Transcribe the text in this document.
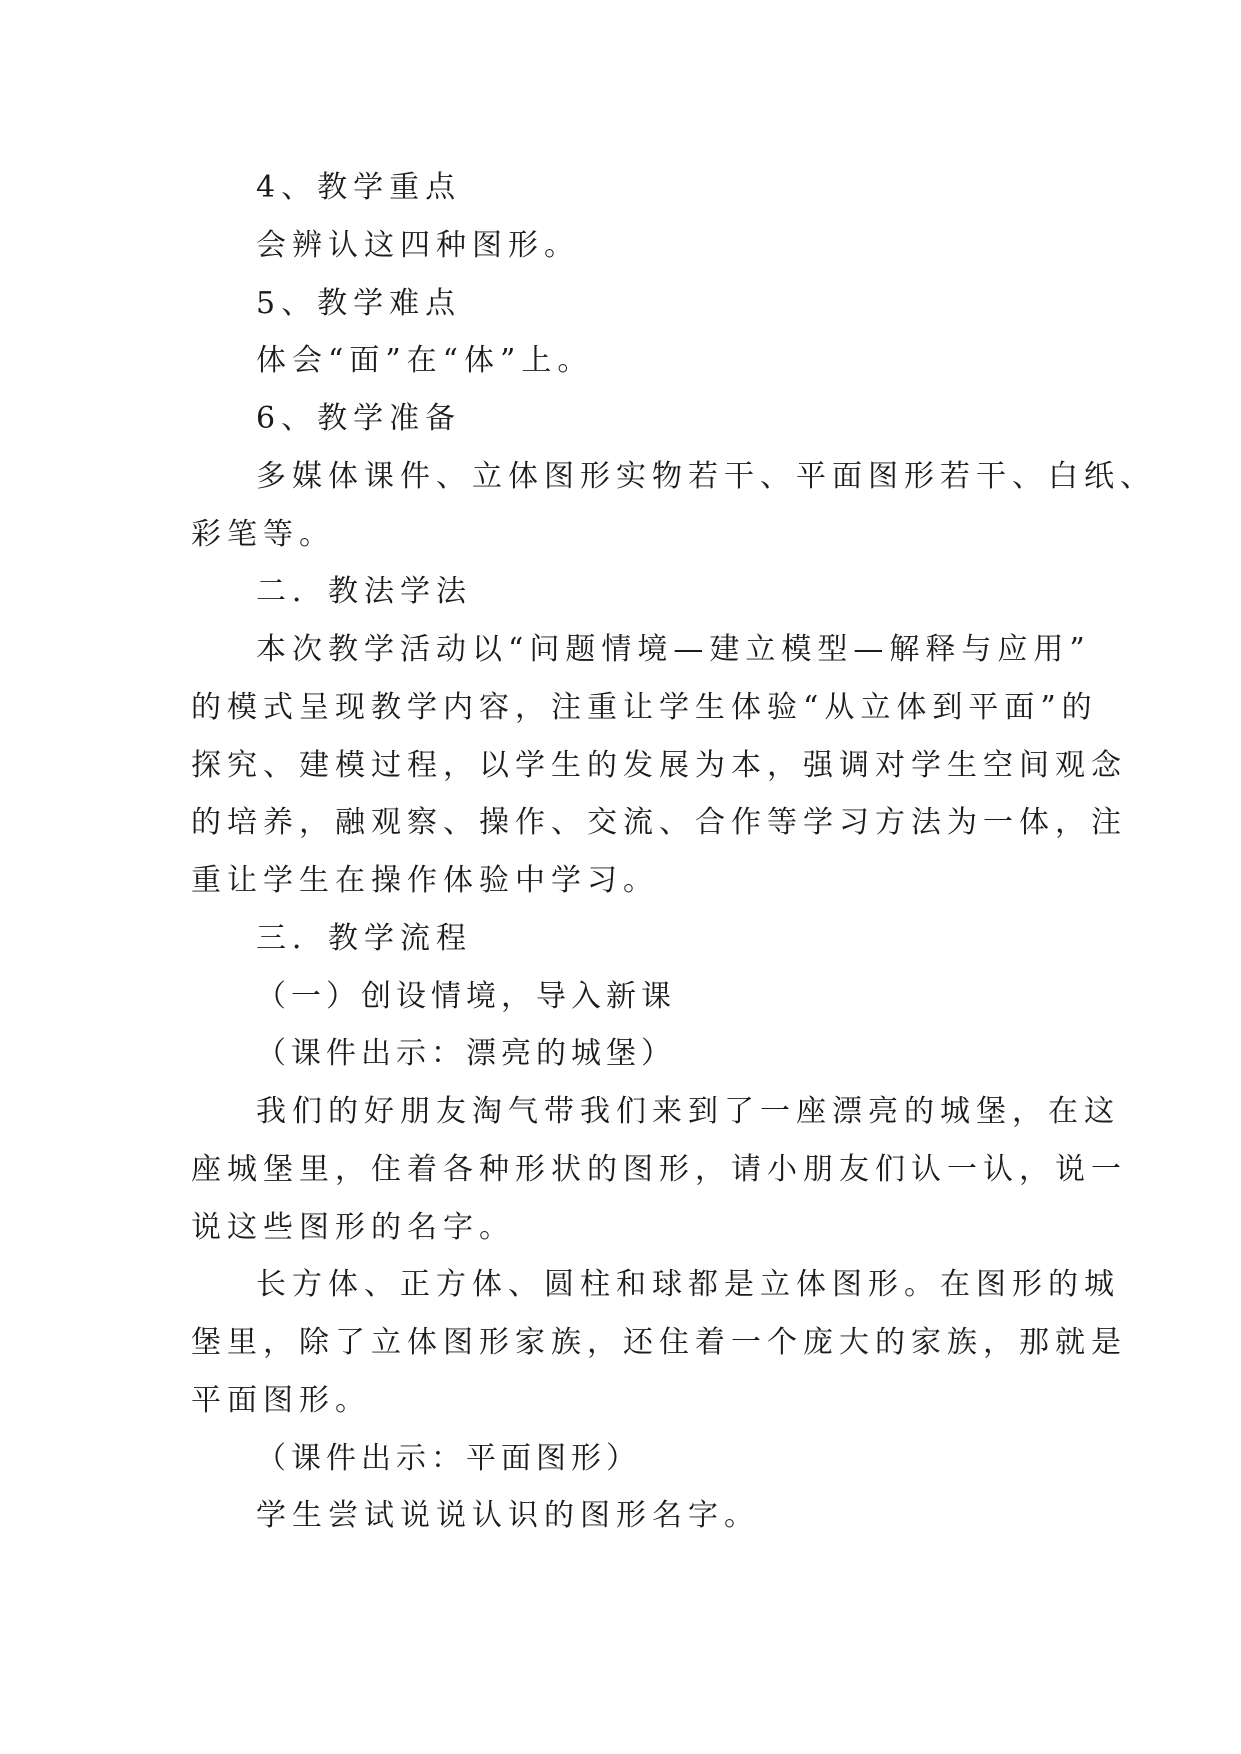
4、教学重点

会辨认这四种图形。

5、教学难点

体会“面”在“体”上。

6、教学准备

多媒体课件、立体图形实物若干、平面图形若干、白纸、

彩笔等。

二．教法学法

本次教学活动以“问题情境—建立模型—解释与应用”

的模式呈现教学内容，注重让学生体验“从立体到平面”的

探究、建模过程，以学生的发展为本，强调对学生空间观念

的培养，融观察、操作、交流、合作等学习方法为一体，注

重让学生在操作体验中学习。

三．教学流程

（一）创设情境，导入新课

（课件出示：漂亮的城堡）

我们的好朋友淘气带我们来到了一座漂亮的城堡，在这

座城堡里，住着各种形状的图形，请小朋友们认一认，说一

说这些图形的名字。

长方体、正方体、圆柱和球都是立体图形。在图形的城

堡里，除了立体图形家族，还住着一个庞大的家族，那就是

平面图形。

（课件出示：平面图形）

学生尝试说说认识的图形名字。
